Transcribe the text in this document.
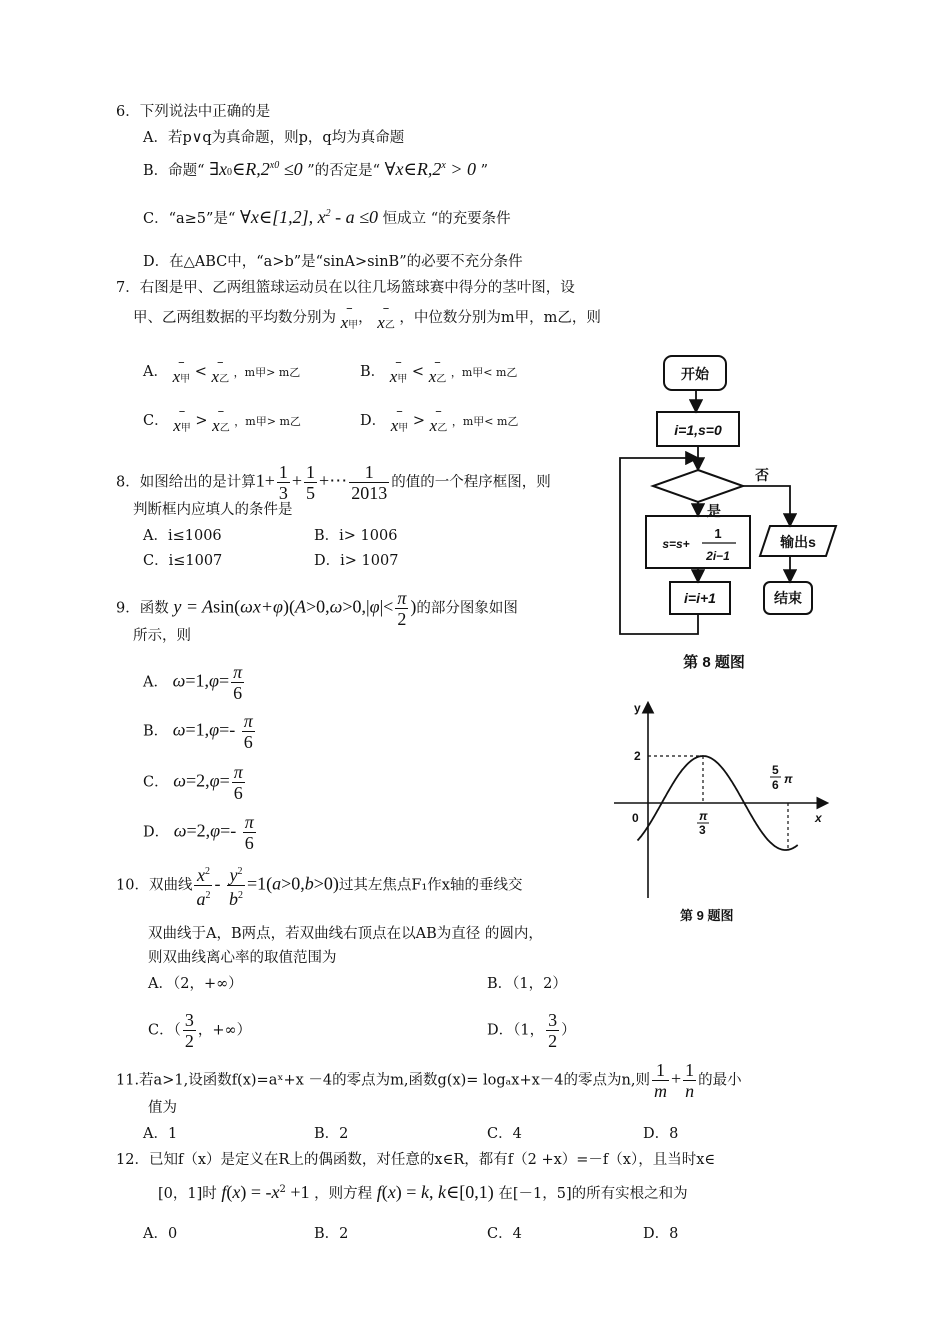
6．下列说法中正确的是
A．若p∨q为真命题，则p，q均为真命题
B．命题“ $\exists x0\in R,2^{x0} \le 0$ ”的否定是“ $\forall x\in R,2^x > 0$ ”
C．“a≥5”是“ ∀x∈[1,2], $x^2 - a \le 0$ 恒成立 “的充要条件
D．在△ABC中，“a>b”是“sinA>sinB”的必要不充分条件
7．右图是甲、乙两组篮球运动员在以往几场篮球赛中得分的茎叶图，设
甲、乙两组数据的平均数分别为
–
x甲，
–
x乙 ，中位数分别为m甲，m乙，则
A．
–
x甲 <
–
x乙 ，m甲> m乙	B．
–
x甲 <
–
x乙 ，m甲< m乙
C．
–
x甲 >
–
x乙 ，m甲> m乙	D．
–
x甲 >
–
x乙 ，m甲< m乙
8．如图给出的是计算$1+ \frac{1}{3} + \frac{1}{5}$ +⋯ $\frac{1}{2013}$ 的值的一个程序框图，则
判断框内应填人的条件是
A．i≤1006	B．i> 1006
C．i≤1007	D．i> 1007
9．函数 $y = Asin(\omega x+\varphi)(A>0,\omega>0,|\varphi|< \frac{\pi}{2}$ )的部分图象如图
所示，则
A． $\omega=1,\varphi= \frac{\pi}{6}$
B． $\omega=1,\varphi=- \frac{\pi}{6}$
C． $\omega=2,\varphi= \frac{\pi}{6}$
D． $\omega=2,\varphi=- \frac{\pi}{6}$
10．双曲线 $\frac{x^2}{a^2} - \frac{y^2}{b^2} =1(a>0,b>0)$过其左焦点F₁作x轴的垂线交
双曲线于A，B两点，若双曲线右顶点在以AB为直径 的圆内，
则双曲线离心率的取值范围为
A．（2，+∞）	B．（1，2）
C．（ $\frac{3}{2}$ ，+∞）	D．（1， $\frac{3}{2}$ ）
11.若a>1,设函数f(x)=aˣ+x －4的零点为m,函数g(x)= logₐx+x－4的零点为n,则 $\frac{1}{m} + \frac{1}{n}$ 的最小
值为
A．1	B．2	C．4	D．8
12．已知f（x）是定义在R上的偶函数，对任意的x∈R，都有f（2 +x）=－f（x），且当时x∈
[0，1]时 $f(x) = -x^2 +1$ ，则方程 f(x) = k, k∈[0,1) 在[－1，5]的所有实根之和为
A．0	B．2	C．4	D．8
开始
i=1,s=0
否
是
s=s+
1
2i−1
输出s
结束
i=i+1
第 8 题图
y
0
2
π
3
5
6 π
x
第 9 题图
